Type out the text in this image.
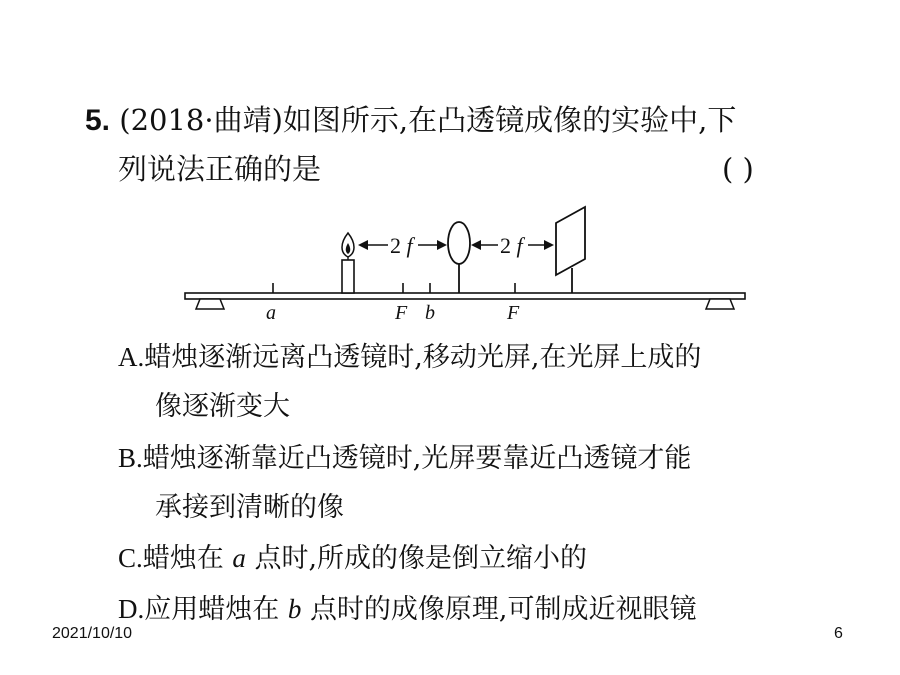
5. (2018·曲靖)如图所示,在凸透镜成像的实验中,下
列说法正确的是	( )
2 f	2 f
a	F b	F
A.蜡烛逐渐远离凸透镜时,移动光屏,在光屏上成的
像逐渐变大
B.蜡烛逐渐靠近凸透镜时,光屏要靠近凸透镜才能
承接到清晰的像
C.蜡烛在 a 点时,所成的像是倒立缩小的
D.应用蜡烛在 b 点时的成像原理,可制成近视眼镜
2021/10/10	6
